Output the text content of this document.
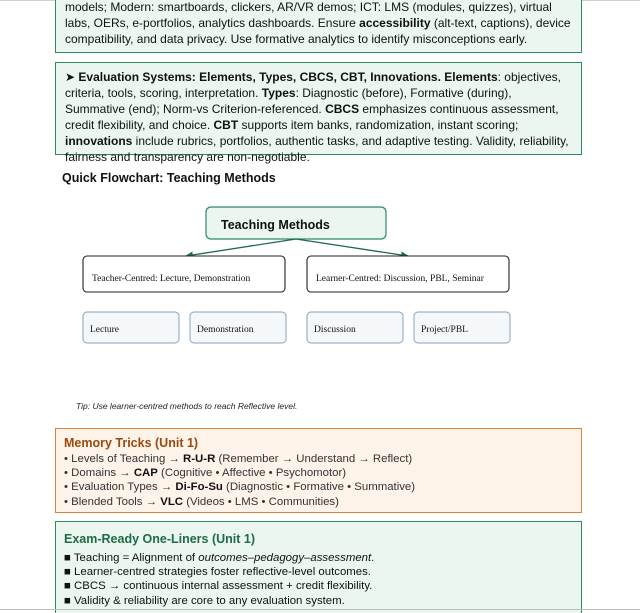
models; Modern: smartboards, clickers, AR/VR demos; ICT: LMS (modules, quizzes), virtual labs, OERs, e-portfolios, analytics dashboards. Ensure accessibility (alt-text, captions), device compatibility, and data privacy. Use formative analytics to identify misconceptions early.

➤ Evaluation Systems: Elements, Types, CBCS, CBT, Innovations. Elements: objectives, criteria, tools, scoring, interpretation. Types: Diagnostic (before), Formative (during), Summative (end); Norm-vs Criterion-referenced. CBCS emphasizes continuous assessment, credit flexibility, and choice. CBT supports item banks, randomization, instant scoring; innovations include rubrics, portfolios, authentic tasks, and adaptive testing. Validity, reliability, fairness and transparency are non-negotiable.

Quick Flowchart: Teaching Methods

Teaching Methods
Teacher-Centred: Lecture, Demonstration	Learner-Centred: Discussion, PBL, Seminar
Lecture	Demonstration	Discussion	Project/PBL

Tip: Use learner-centred methods to reach Reflective level.

Memory Tricks (Unit 1)

• Levels of Teaching → R-U-R (Remember → Understand → Reflect)
• Domains → CAP (Cognitive • Affective • Psychomotor)
• Evaluation Types → Di-Fo-Su (Diagnostic • Formative • Summative)
• Blended Tools → VLC (Videos • LMS • Communities)

Exam-Ready One-Liners (Unit 1)

■ Teaching = Alignment of outcomes–pedagogy–assessment.
■ Learner-centred strategies foster reflective-level outcomes.
■ CBCS → continuous internal assessment + credit flexibility.
■ Validity & reliability are core to any evaluation system.
